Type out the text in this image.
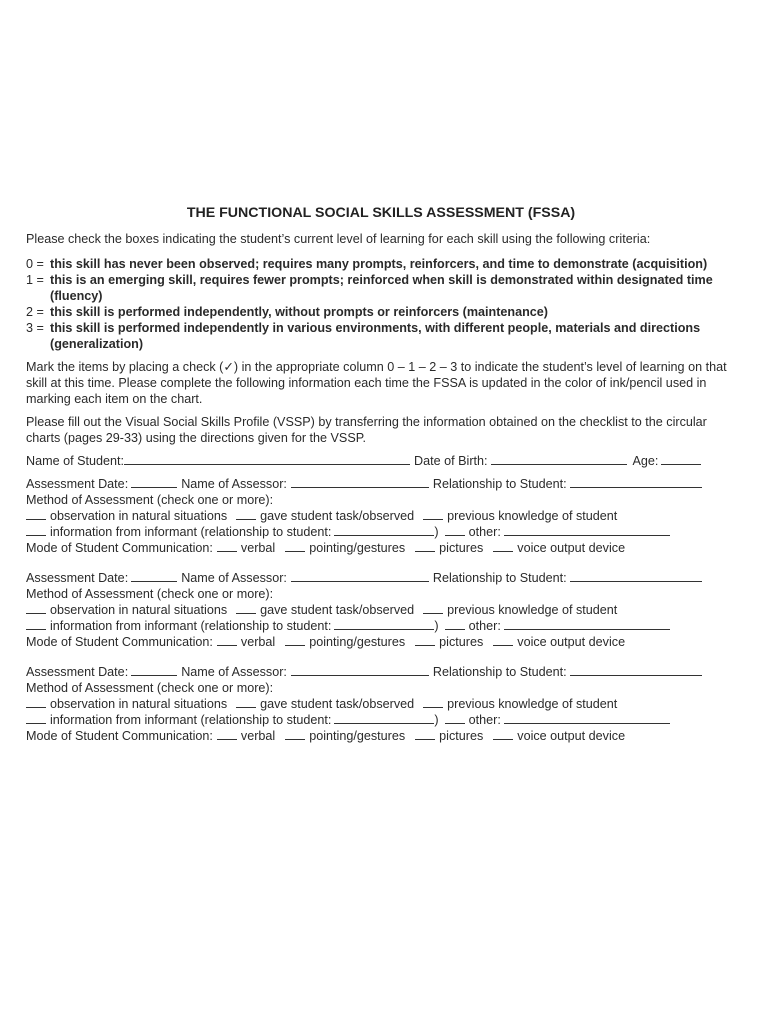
THE FUNCTIONAL SOCIAL SKILLS ASSESSMENT (FSSA)
Please check the boxes indicating the student’s current level of learning for each skill using the following criteria:
0 = this skill has never been observed; requires many prompts, reinforcers, and time to demonstrate (acquisition)
1 = this is an emerging skill, requires fewer prompts; reinforced when skill is demonstrated within designated time (fluency)
2 = this skill is performed independently, without prompts or reinforcers (maintenance)
3 = this skill is performed independently in various environments, with different people, materials and directions (generalization)
Mark the items by placing a check (✓) in the appropriate column 0 – 1 – 2 – 3 to indicate the student’s level of learning on that skill at this time. Please complete the following information each time the FSSA is updated in the color of ink/pencil used in marking each item on the chart.
Please fill out the Visual Social Skills Profile (VSSP) by transferring the information obtained on the checklist to the circular charts (pages 29-33) using the directions given for the VSSP.
Name of Student:	Date of Birth:	Age:
Assessment Date:	Name of Assessor:	Relationship to Student:
Method of Assessment (check one or more):
observation in natural situations	gave student task/observed	previous knowledge of student
information from informant (relationship to student:	) other:
Mode of Student Communication: verbal	pointing/gestures	pictures	voice output device
Assessment Date:	Name of Assessor:	Relationship to Student:
Method of Assessment (check one or more):
observation in natural situations	gave student task/observed	previous knowledge of student
information from informant (relationship to student:	) other:
Mode of Student Communication: verbal	pointing/gestures	pictures	voice output device
Assessment Date:	Name of Assessor:	Relationship to Student:
Method of Assessment (check one or more):
observation in natural situations	gave student task/observed	previous knowledge of student
information from informant (relationship to student:	) other:
Mode of Student Communication: verbal	pointing/gestures	pictures	voice output device
